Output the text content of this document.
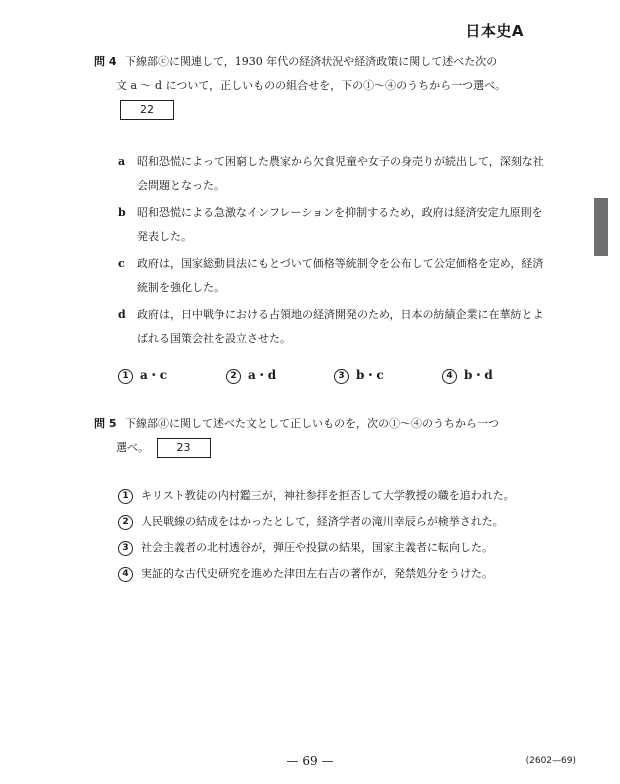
日本史A
問 4 下線部ⓒに関連して，1930 年代の経済状況や経済政策に関して述べた次の
文 a ～ d について，正しいものの組合せを，下の①～④のうちから一つ選べ。
22
a 昭和恐慌によって困窮した農家から欠食児童や女子の身売りが続出して，深刻な社会問題となった。
b 昭和恐慌による急激なインフレーションを抑制するため，政府は経済安定九原則を発表した。
c 政府は，国家総動員法にもとづいて価格等統制令を公布して公定価格を定め，経済統制を強化した。
d 政府は，日中戦争における占領地の経済開発のため，日本の紡績企業に在華紡とよばれる国策会社を設立させた。
1 a・c	2 a・d	3 b・c	4 b・d
問 5 下線部ⓓに関して述べた文として正しいものを，次の①～④のうちから一つ
選べ。	23
1 キリスト教徒の内村鑑三が，神社参拝を拒否して大学教授の職を追われた。
2 人民戦線の結成をはかったとして，経済学者の滝川幸辰らが検挙された。
3 社会主義者の北村透谷が，弾圧や投獄の結果，国家主義者に転向した。
4 実証的な古代史研究を進めた津田左右吉の著作が，発禁処分をうけた。
— 69 —	(2602—69)
